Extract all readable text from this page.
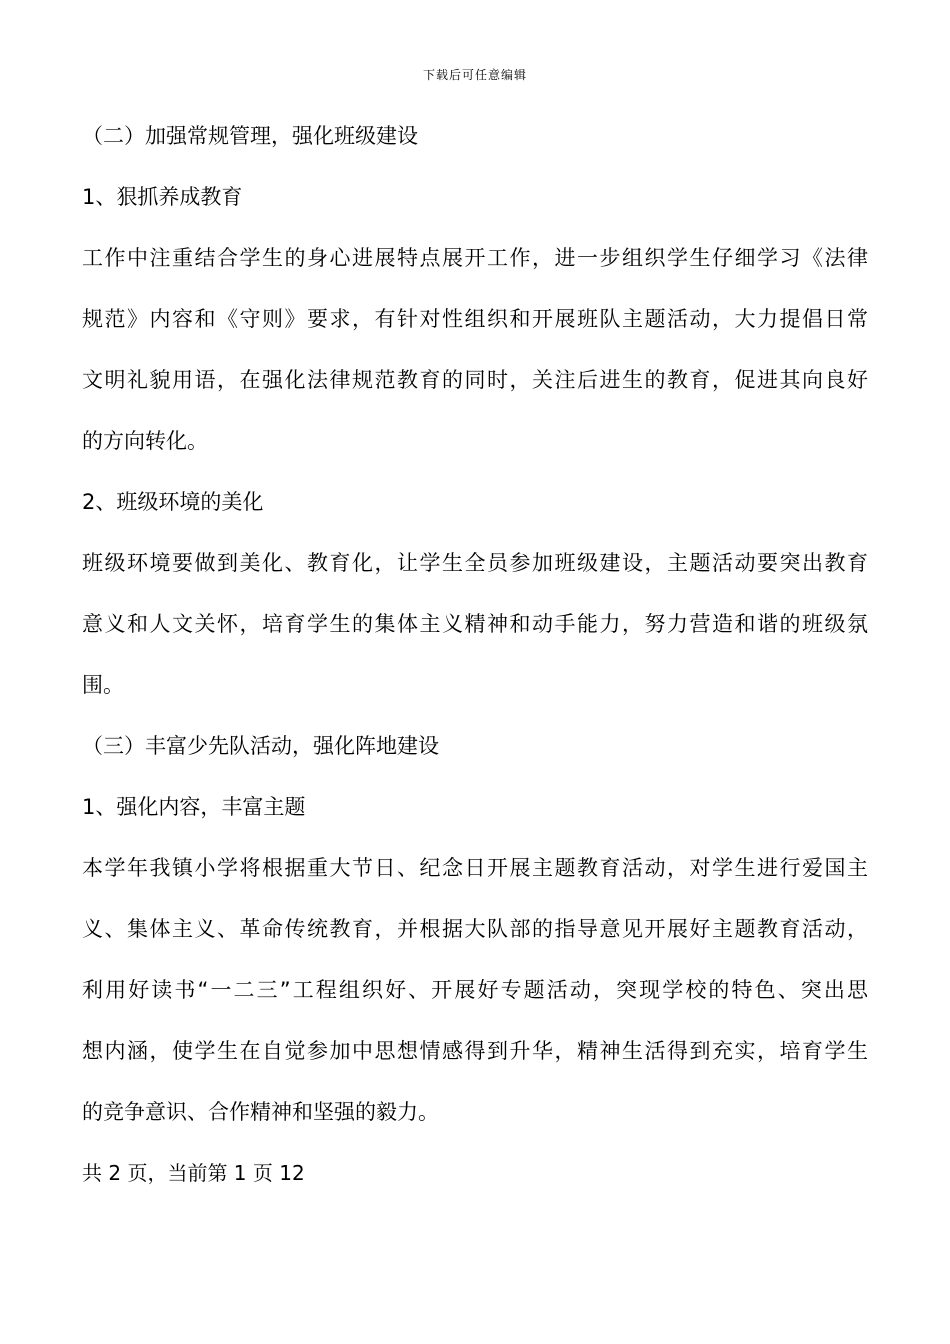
下载后可任意编辑
（二）加强常规管理，强化班级建设
1、狠抓养成教育
工作中注重结合学生的身心进展特点展开工作，进一步组织学生仔细学习《法律
规范》内容和《守则》要求，有针对性组织和开展班队主题活动，大力提倡日常
文明礼貌用语，在强化法律规范教育的同时，关注后进生的教育，促进其向良好
的方向转化。
2、班级环境的美化
班级环境要做到美化、教育化，让学生全员参加班级建设，主题活动要突出教育
意义和人文关怀，培育学生的集体主义精神和动手能力，努力营造和谐的班级氛
围。
（三）丰富少先队活动，强化阵地建设
1、强化内容，丰富主题
本学年我镇小学将根据重大节日、纪念日开展主题教育活动，对学生进行爱国主
义、集体主义、革命传统教育，并根据大队部的指导意见开展好主题教育活动，
利用好读书“一二三”工程组织好、开展好专题活动，突现学校的特色、突出思
想内涵，使学生在自觉参加中思想情感得到升华，精神生活得到充实，培育学生
的竞争意识、合作精神和坚强的毅力。
共 2 页，当前第 1 页 12
